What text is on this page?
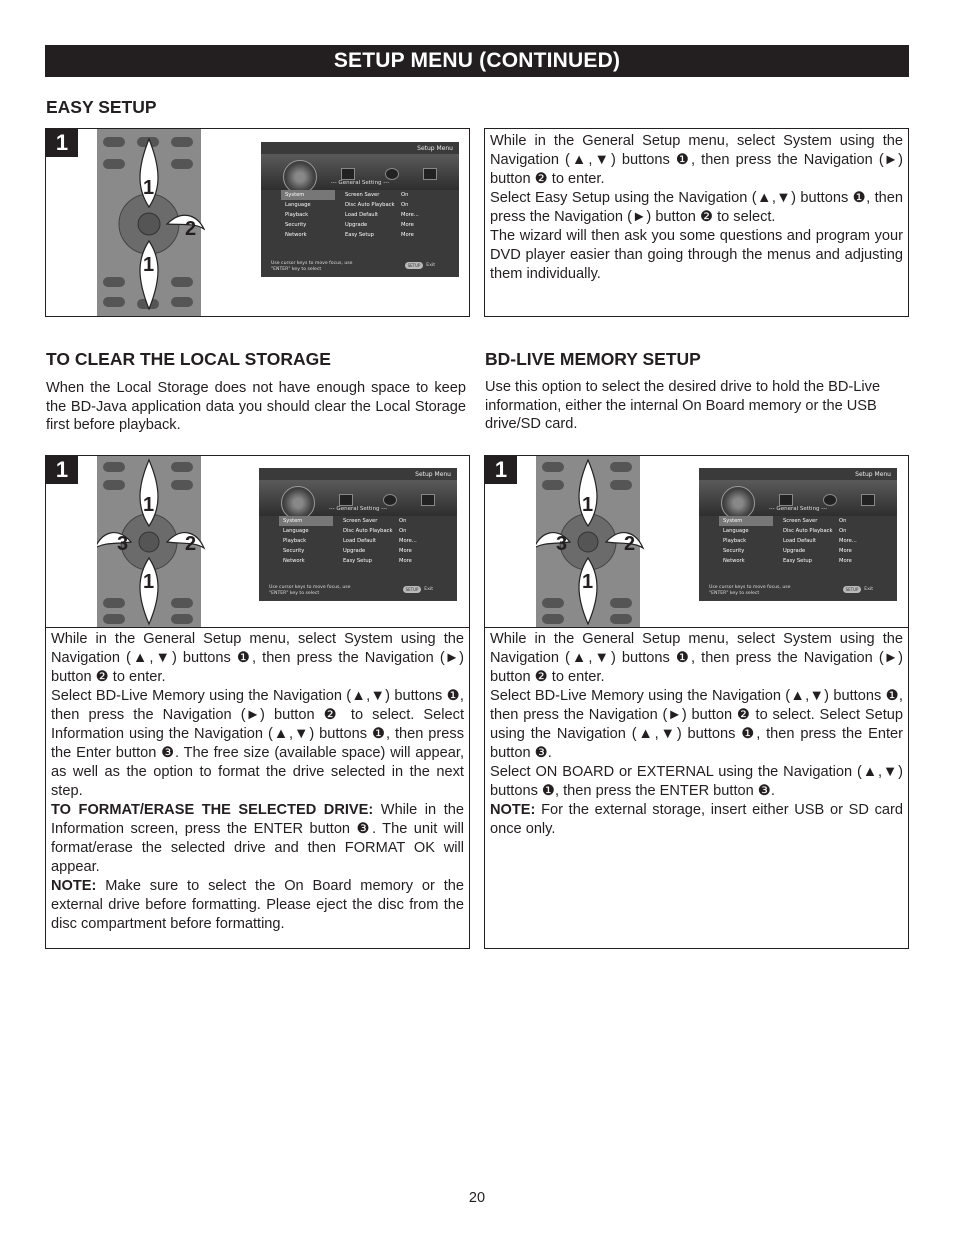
SETUP MENU (CONTINUED)
EASY SETUP
1
1
1
2
Setup Menu
--- General Setting ---
System	Screen Saver	On
Language	Disc Auto Playback	On
Playback	Load Default	More...
Security	Upgrade	More
Network	Easy Setup	More
Use cursor keys to move focus, use
"ENTER" key to select
SETUP	Exit

While in the General Setup menu, select System using the Navigation (▲,▼) buttons ❶, then press the Navigation (►) button ❷ to enter.

Select Easy Setup using the Navigation (▲,▼) buttons ❶, then press the Navigation (►) button ❷ to select.

The wizard will then ask you some questions and program your DVD player easier than going through the menus and adjusting them individually.

TO CLEAR THE LOCAL STORAGE
When the Local Storage does not have enough space to keep the BD-Java application data you should clear the Local Storage first before playback.
1
1
1
2
3
Setup Menu
--- General Setting ---
System	Screen Saver	On
Language	Disc Auto Playback	On
Playback	Load Default	More...
Security	Upgrade	More
Network	Easy Setup	More
Use cursor keys to move focus, use
"ENTER" key to select
SETUP	Exit

While in the General Setup menu, select System using the Navigation (▲,▼) buttons ❶, then press the Navigation (►) button ❷ to enter.

Select BD-Live Memory using the Navigation (▲,▼) buttons ❶, then press the Navigation (►) button ❷ to select. Select Information using the Navigation (▲,▼) buttons ❶, then press the Enter button ❸. The free size (available space) will appear, as well as the option to format the drive selected in the next step.

TO FORMAT/ERASE THE SELECTED DRIVE: While in the Information screen, press the ENTER button ❸. The unit will format/erase the selected drive and then FORMAT OK will appear.

NOTE: Make sure to select the On Board memory or the external drive before formatting. Please eject the disc from the disc compartment before formatting.

BD-LIVE MEMORY SETUP
Use this option to select the desired drive to hold the BD-Live information, either the internal On Board memory or the USB drive/SD card.
1
1
1
2
3
Setup Menu
--- General Setting ---
System	Screen Saver	On
Language	Disc Auto Playback	On
Playback	Load Default	More...
Security	Upgrade	More
Network	Easy Setup	More
Use cursor keys to move focus, use
"ENTER" key to select
SETUP	Exit

While in the General Setup menu, select System using the Navigation (▲,▼) buttons ❶, then press the Navigation (►) button ❷ to enter.

Select BD-Live Memory using the Navigation (▲,▼) buttons ❶, then press the Navigation (►) button ❷ to select. Select Setup using the Navigation (▲,▼) buttons ❶, then press the Enter button ❸.

Select ON BOARD or EXTERNAL using the Navigation (▲,▼) buttons ❶, then press the ENTER button ❸.

NOTE: For the external storage, insert either USB or SD card once only.

20
